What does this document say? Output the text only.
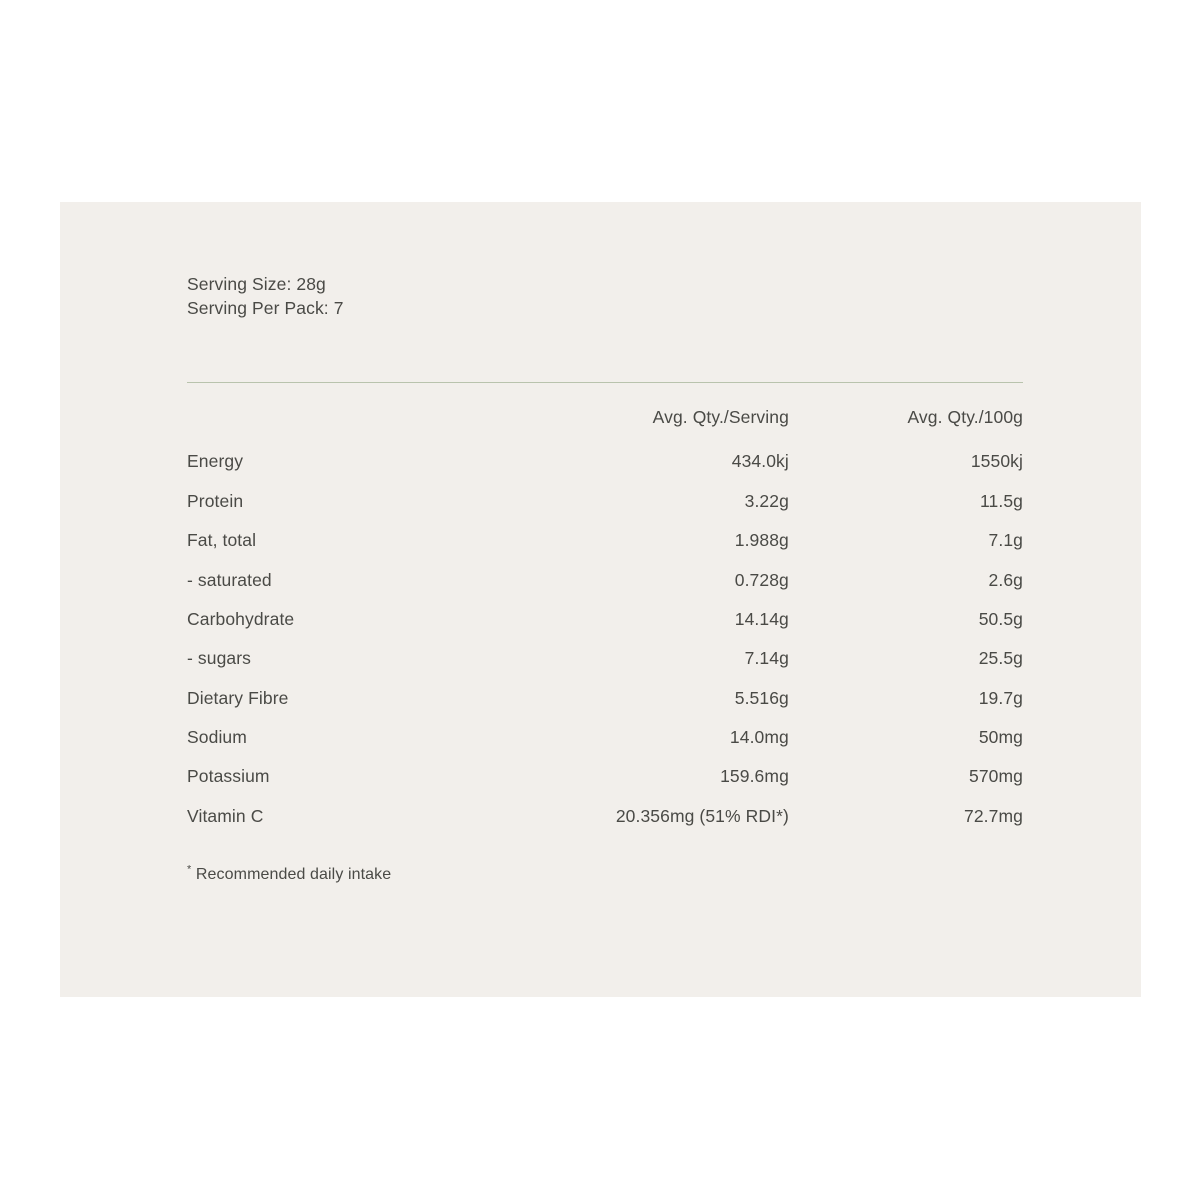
Serving Size: 28g
Serving Per Pack: 7
	Avg. Qty./Serving	Avg. Qty./100g
Energy	434.0kj	1550kj
Protein	3.22g	11.5g
Fat, total	1.988g	7.1g
- saturated	0.728g	2.6g
Carbohydrate	14.14g	50.5g
- sugars	7.14g	25.5g
Dietary Fibre	5.516g	19.7g
Sodium	14.0mg	50mg
Potassium	159.6mg	570mg
Vitamin C	20.356mg (51% RDI*)	72.7mg
* Recommended daily intake
